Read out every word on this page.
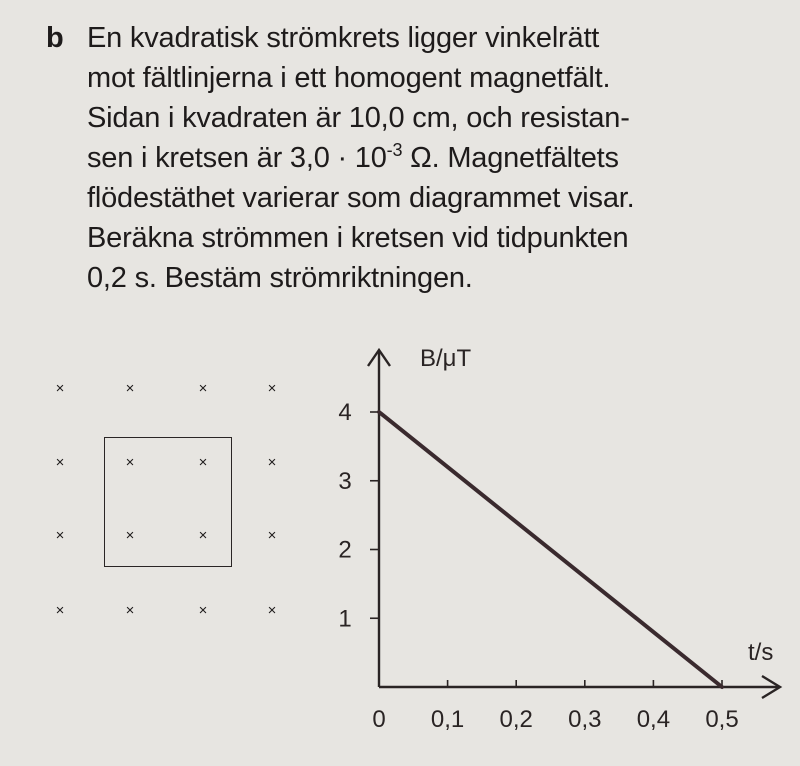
b En kvadratisk strömkrets ligger vinkelrätt
mot fältlinjerna i ett homogent magnetfält.
Sidan i kvadraten är 10,0 cm, och resistan-
sen i kretsen är $3,0 \cdot 10^{-3}$ Ω. Magnetfältets
flödestäthet varierar som diagrammet visar.
Beräkna strömmen i kretsen vid tidpunkten
0,2 s. Bestäm strömriktningen.
×	×	×	×
×	×	×	×
×	×	×	×
×	×	×	×
B/μT
t/s
0 0,1 0,2 0,3 0,4 0,5
1
2
3
4
